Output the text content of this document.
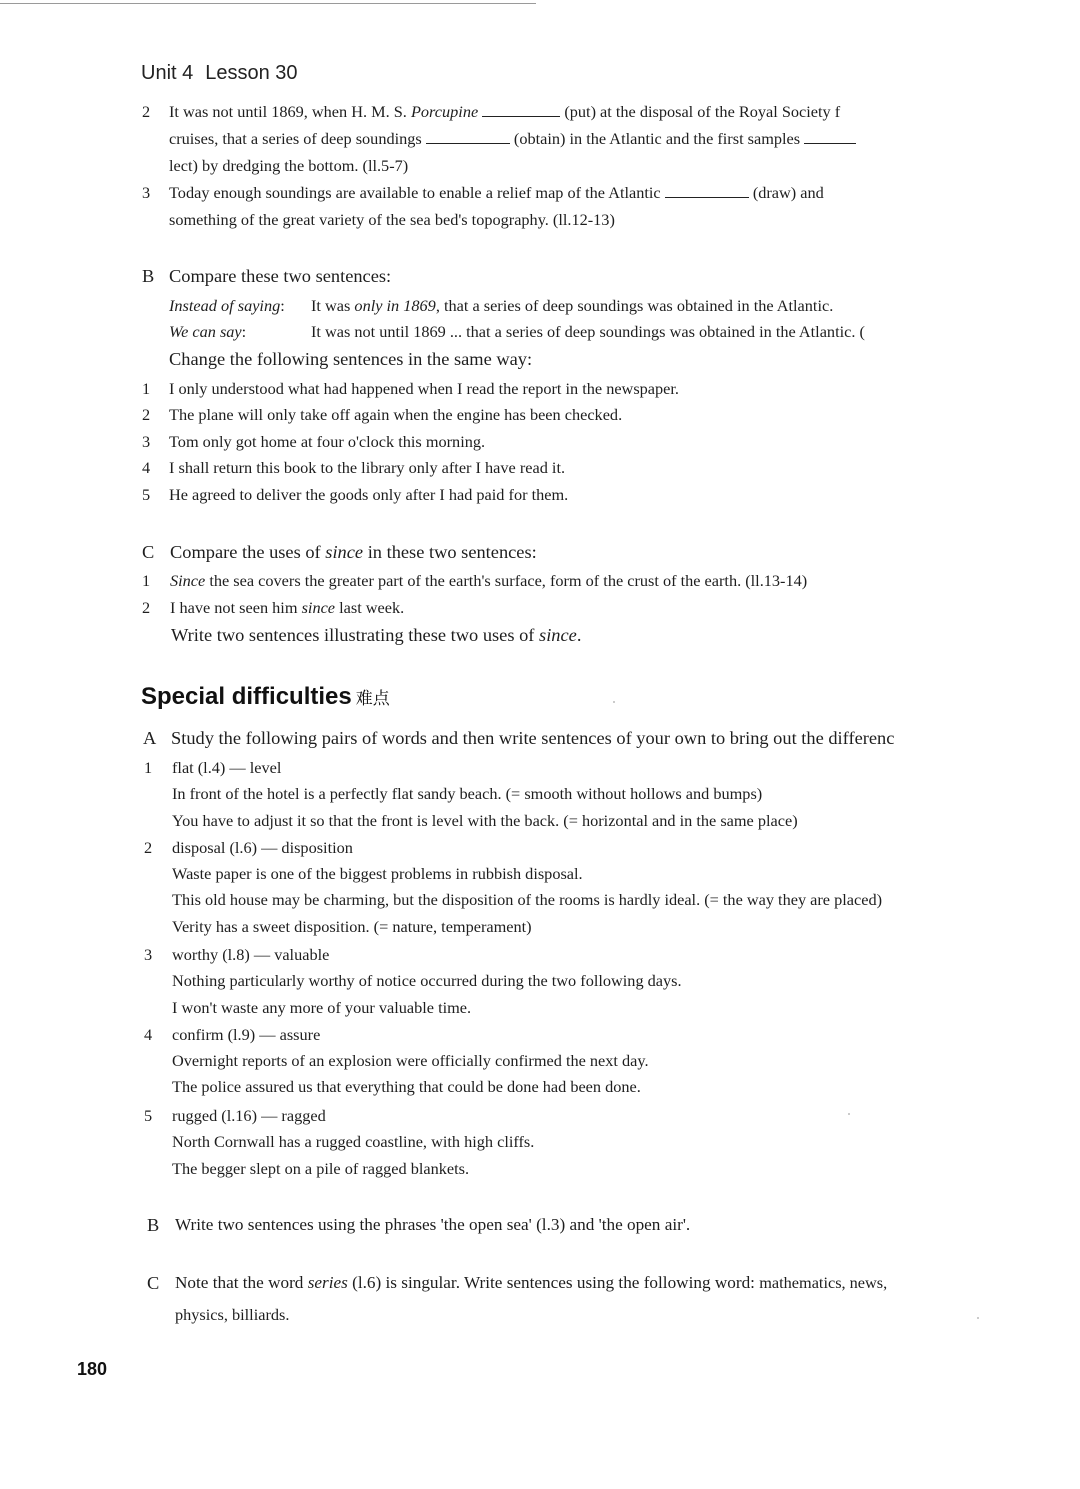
Unit 4 Lesson 30
2 It was not until 1869, when H. M. S. Porcupine	(put) at the disposal of the Royal Society f
cruises, that a series of deep soundings	(obtain) in the Atlantic and the first samples
lect) by dredging the bottom. (ll.5-7)
3 Today enough soundings are available to enable a relief map of the Atlantic	(draw) and
something of the great variety of the sea bed's topography. (ll.12-13)
B Compare these two sentences:
Instead of saying: It was only in 1869, that a series of deep soundings was obtained in the Atlantic.
We can say:	It was not until 1869 ... that a series of deep soundings was obtained in the Atlantic. (
Change the following sentences in the same way:
1 I only understood what had happened when I read the report in the newspaper.
2 The plane will only take off again when the engine has been checked.
3 Tom only got home at four o'clock this morning.
4 I shall return this book to the library only after I have read it.
5 He agreed to deliver the goods only after I had paid for them.
C Compare the uses of since in these two sentences:
1 Since the sea covers the greater part of the earth's surface, form of the crust of the earth. (ll.13-14)
2 I have not seen him since last week.
Write two sentences illustrating these two uses of since.
Special difficulties 难点
A Study the following pairs of words and then write sentences of your own to bring out the differenc
1 flat (l.4) — level
In front of the hotel is a perfectly flat sandy beach. (= smooth without hollows and bumps)
You have to adjust it so that the front is level with the back. (= horizontal and in the same place)
2 disposal (l.6) — disposition
Waste paper is one of the biggest problems in rubbish disposal.
This old house may be charming, but the disposition of the rooms is hardly ideal. (= the way they are placed)
Verity has a sweet disposition. (= nature, temperament)
3 worthy (l.8) — valuable
Nothing particularly worthy of notice occurred during the two following days.
I won't waste any more of your valuable time.
4 confirm (l.9) — assure
Overnight reports of an explosion were officially confirmed the next day.
The police assured us that everything that could be done had been done.
5 rugged (l.16) — ragged
North Cornwall has a rugged coastline, with high cliffs.
The begger slept on a pile of ragged blankets.
B Write two sentences using the phrases 'the open sea' (l.3) and 'the open air'.
C Note that the word series (l.6) is singular. Write sentences using the following word: mathematics, news,
physics, billiards.
180
